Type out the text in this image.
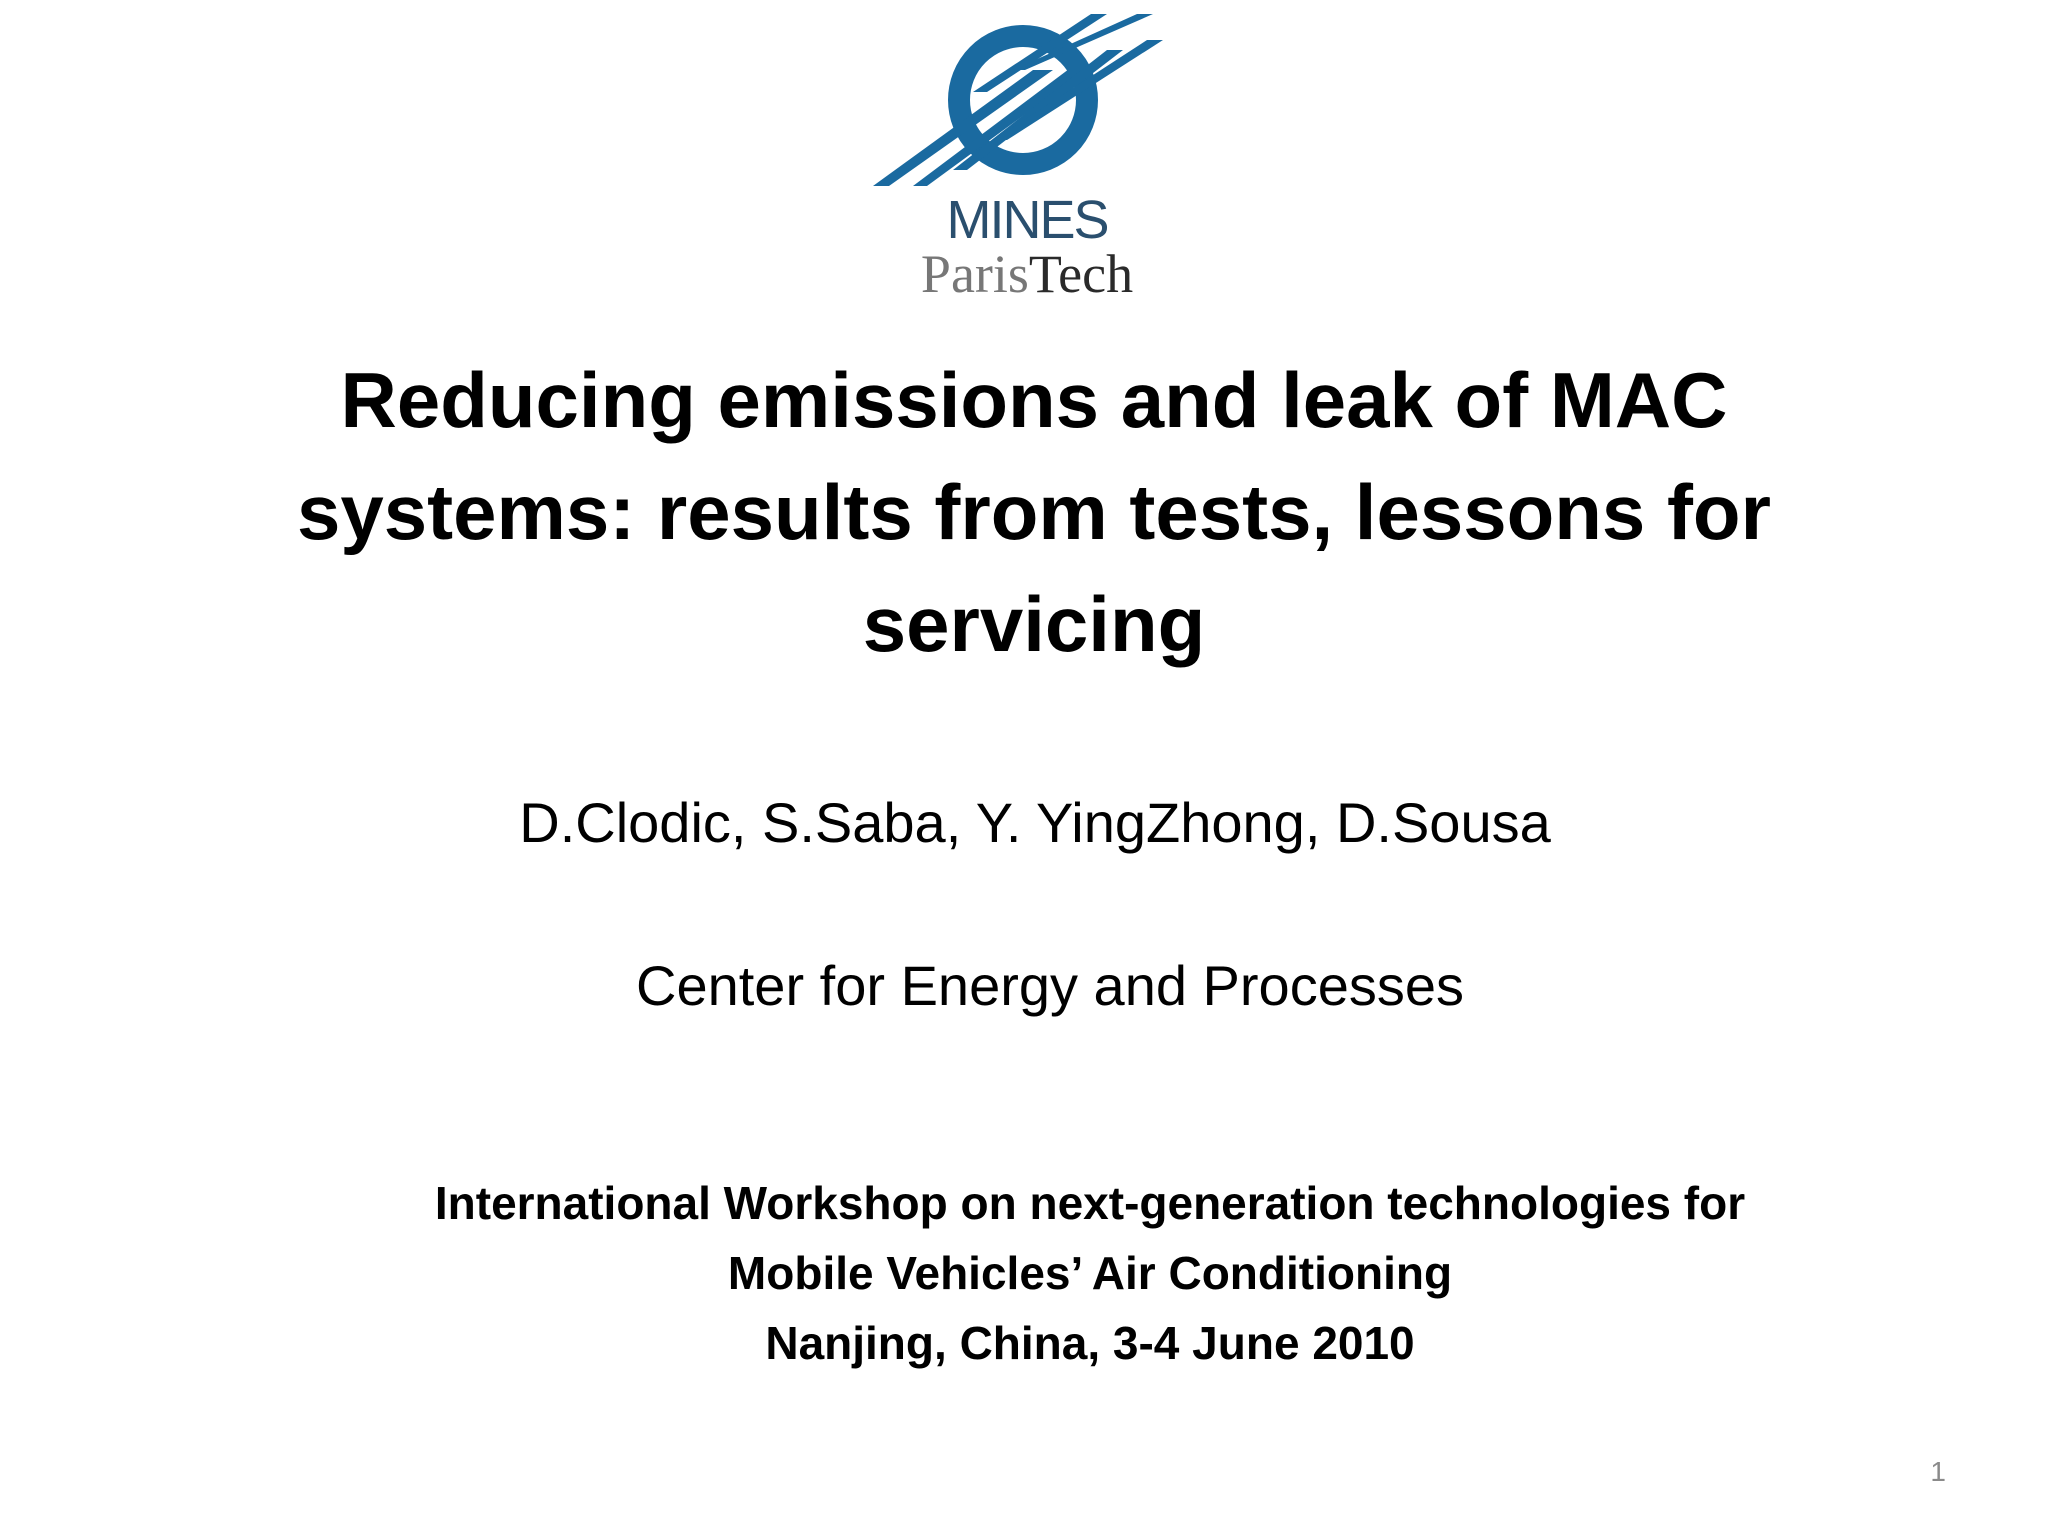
MINES
ParisTech
Reducing emissions and leak of MAC
systems: results from tests, lessons for
servicing

D.Clodic, S.Saba, Y. YingZhong, D.Sousa

Center for Energy and Processes

International Workshop on next-generation technologies for
Mobile Vehicles’ Air Conditioning
Nanjing, China, 3-4 June 2010

1
